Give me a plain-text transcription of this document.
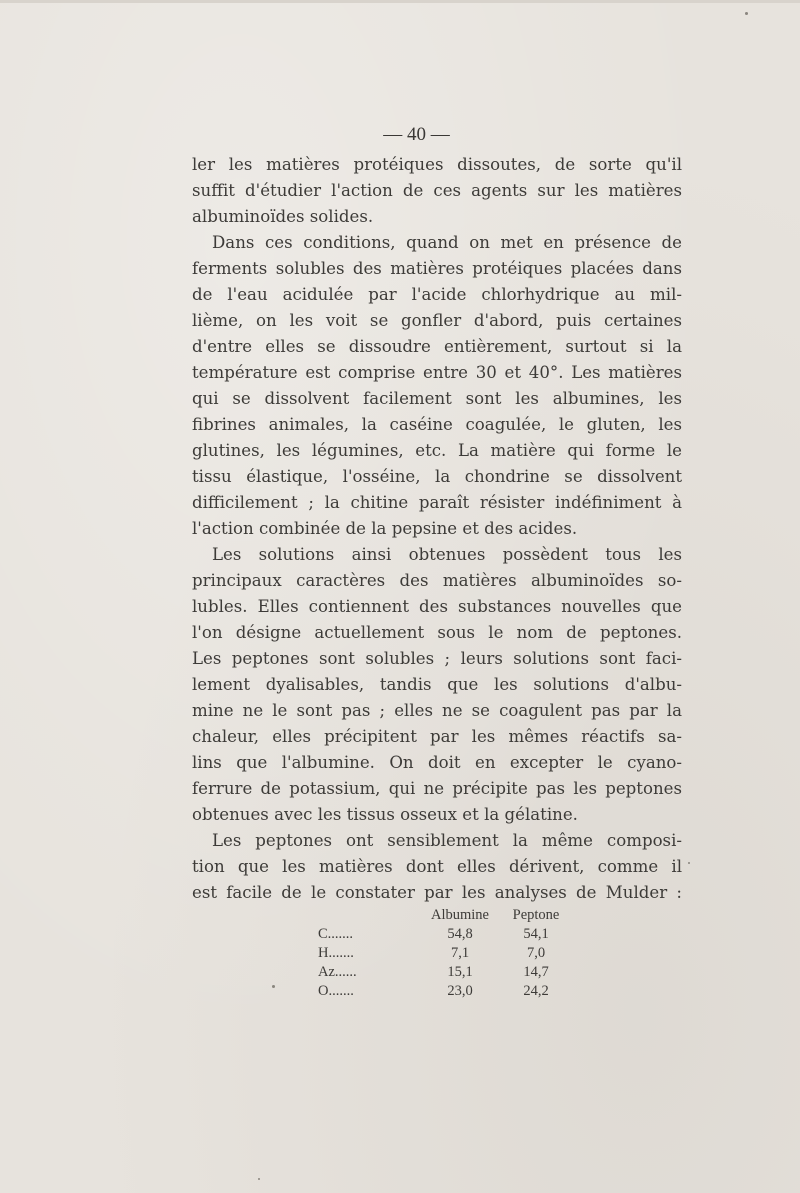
— 40 —

ler les matières protéiques dissoutes, de sorte qu'il
suffit d'étudier l'action de ces agents sur les matières
albuminoïdes solides.

Dans ces conditions, quand on met en présence de
ferments solubles des matières protéiques placées dans
de l'eau acidulée par l'acide chlorhydrique au mil-
lième, on les voit se gonfler d'abord, puis certaines
d'entre elles se dissoudre entièrement, surtout si la
température est comprise entre 30 et 40°. Les matières
qui se dissolvent facilement sont les albumines, les
fibrines animales, la caséine coagulée, le gluten, les
glutines, les légumines, etc. La matière qui forme le
tissu élastique, l'osséine, la chondrine se dissolvent
difficilement ; la chitine paraît résister indéfiniment à
l'action combinée de la pepsine et des acides.

Les solutions ainsi obtenues possèdent tous les
principaux caractères des matières albuminoïdes so-
lubles. Elles contiennent des substances nouvelles que
l'on désigne actuellement sous le nom de peptones.
Les peptones sont solubles ; leurs solutions sont faci-
lement dyalisables, tandis que les solutions d'albu-
mine ne le sont pas ; elles ne se coagulent pas par la
chaleur, elles précipitent par les mêmes réactifs sa-
lins que l'albumine. On doit en excepter le cyano-
ferrure de potassium, qui ne précipite pas les peptones
obtenues avec les tissus osseux et la gélatine.

Les peptones ont sensiblement la même composi-
tion que les matières dont elles dérivent, comme il
est facile de le constater par les analyses de Mulder :

	Albumine	Peptone
C.......	54,8	54,1
H.......	7,1	7,0
Az......	15,1	14,7
O.......	23,0	24,2
